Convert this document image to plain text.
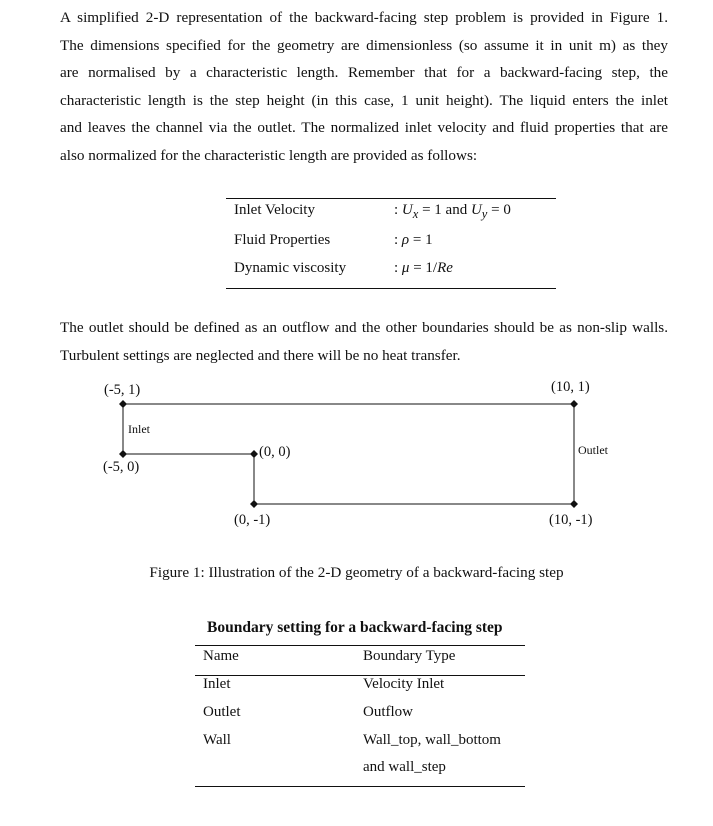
A simplified 2-D representation of the backward-facing step problem is provided in Figure 1.
The dimensions specified for the geometry are dimensionless (so assume it in unit m) as they
are normalised by a characteristic length. Remember that for a backward-facing step, the
characteristic length is the step height (in this case, 1 unit height). The liquid enters the inlet
and leaves the channel via the outlet. The normalized inlet velocity and fluid properties that are
also normalized for the characteristic length are provided as follows:

Inlet Velocity	: $U_x = 1$ and $U_y = 0$
Fluid Properties	: ρ = 1
Dynamic viscosity	: μ = 1/Re

The outlet should be defined as an outflow and the other boundaries should be as non-slip walls.
Turbulent settings are neglected and there will be no heat transfer.

(-5, 1)	(10, 1)
(-5, 0)
(0, 0)
(0, -1)	(10, -1)
Inlet
Outlet
Figure 1: Illustration of the 2-D geometry of a backward-facing step
Boundary setting for a backward-facing step
Name	Boundary Type
Inlet	Velocity Inlet
Outlet	Outflow
Wall	Wall_top, wall_bottom
and wall_step
